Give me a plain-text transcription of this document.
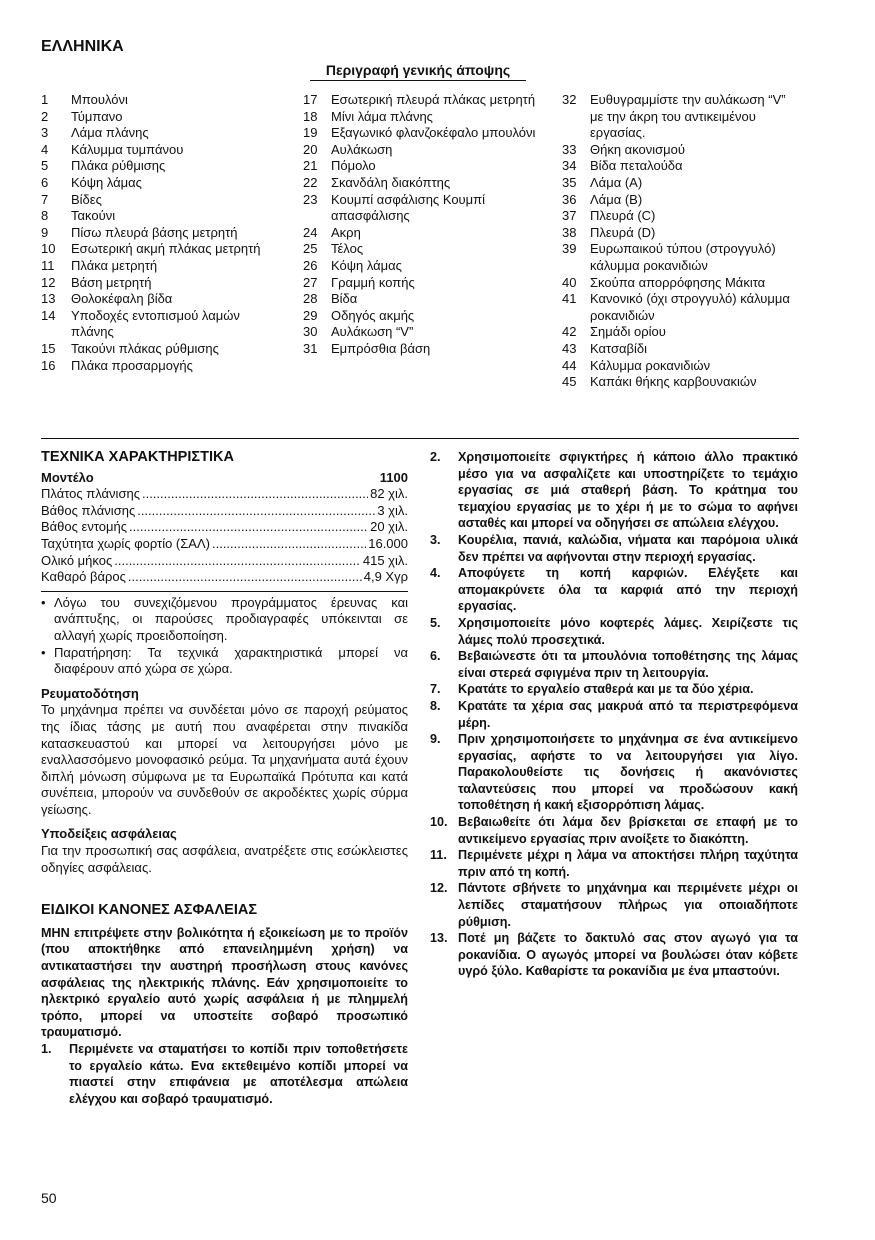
ΕΛΛΗΝΙΚΑ
Περιγραφή γενικής άποψης
1	Μπουλόνι
2	Τύμπανο
3	Λάμα πλάνης
4	Κάλυμμα τυμπάνου
5	Πλάκα ρύθμισης
6	Κόψη λάμας
7	Βίδες
8	Τακούνι
9	Πίσω πλευρά βάσης μετρητή
10	Εσωτερική ακμή πλάκας μετρητή
11	Πλάκα μετρητή
12	Βάση μετρητή
13	Θολοκέφαλη βίδα
14	Υποδοχές εντοπισμού λαμών πλάνης
15	Τακούνι πλάκας ρύθμισης
16	Πλάκα προσαρμογής
17	Εσωτερική πλευρά πλάκας μετρητή
18	Μίνι λάμα πλάνης
19	Εξαγωνικό φλανζοκέφαλο μπουλόνι
20	Αυλάκωση
21	Πόμολο
22	Σκανδάλη διακόπτης
23	Κουμπί ασφάλισης Κουμπί απασφάλισης
24	Ακρη
25	Τέλος
26	Κόψη λάμας
27	Γραμμή κοπής
28	Βίδα
29	Οδηγός ακμής
30	Αυλάκωση “V”
31	Εμπρόσθια βάση
32	Ευθυγραμμίστε την αυλάκωση “V” με την άκρη του αντικειμένου εργασίας.
33	Θήκη ακονισμού
34	Βίδα πεταλούδα
35	Λάμα (A)
36	Λάμα (B)
37	Πλευρά (C)
38	Πλευρά (D)
39	Ευρωπαικού τύπου (στρογγυλό) κάλυμμα ροκανιδιών
40	Σκούπα απορρόφησης Μάκιτα
41	Κανονικό (όχι στρογγυλό) κάλυμμα ροκανιδιών
42	Σημάδι ορίου
43	Κατσαβίδι
44	Κάλυμμα ροκανιδιών
45	Καπάκι θήκης καρβουνακιών
ΤΕΧΝΙΚΑ ΧΑΡΑΚΤΗΡΙΣΤΙΚΑ
Μοντέλο	1100
Πλάτος πλάνισης .....	82 χιλ.
Βάθος πλάνισης .....	3 χιλ.
Βάθος εντομής .....	20 χιλ.
Ταχύτητα χωρίς φορτίο (ΣΑΛ) .....	16.000
Ολικό μήκος .....	415 χιλ.
Καθαρό βάρος .....	4,9 Χγρ
• Λόγω του συνεχιζόμενου προγράμματος έρευνας και ανάπτυξης, οι παρούσες προδιαγραφές υπόκεινται σε αλλαγή χωρίς προειδοποίηση.
• Παρατήρηση: Τα τεχνικά χαρακτηριστικά μπορεί να διαφέρουν από χώρα σε χώρα.
Ρευματοδότηση
Το μηχάνημα πρέπει να συνδέεται μόνο σε παροχή ρεύματος της ίδιας τάσης με αυτή που αναφέρεται στην πινακίδα κατασκευαστού και μπορεί να λειτουργήσει μόνο με εναλλασσόμενο μονοφασικό ρεύμα. Τα μηχανήματα αυτά έχουν διπλή μόνωση σύμφωνα με τα Ευρωπαϊκά Πρότυπα και κατά συνέπεια, μπορούν να συνδεθούν σε ακροδέκτες χωρίς σύρμα γείωσης.
Υποδείξεις ασφάλειας
Για την προσωπική σας ασφάλεια, ανατρέξετε στις εσώκλειστες οδηγίες ασφάλειας.
ΕΙΔΙΚΟΙ ΚΑΝΟΝΕΣ ΑΣΦΑΛΕΙΑΣ
ΜΗΝ επιτρέψετε στην βολικότητα ή εξοικείωση με το προϊόν (που αποκτήθηκε από επανειλημμένη χρήση) να αντικαταστήσει την αυστηρή προσήλωση στους κανόνες ασφάλειας της ηλεκτρικής πλάνης. Εάν χρησιμοποιείτε το ηλεκτρικό εργαλείο αυτό χωρίς ασφάλεια ή με πλημμελή τρόπο, μπορεί να υποστείτε σοβαρό προσωπικό τραυματισμό.
1.	Περιμένετε να σταματήσει το κοπίδι πριν τοποθετήσετε το εργαλείο κάτω. Ενα εκτεθειμένο κοπίδι μπορεί να πιαστεί στην επιφάνεια με αποτέλεσμα απώλεια ελέγχου και σοβαρό τραυματισμό.
2.	Χρησιμοποιείτε σφιγκτήρες ή κάποιο άλλο πρακτικό μέσο για να ασφαλίζετε και υποστηρίζετε το τεμάχιο εργασίας σε μιά σταθερή βάση. Το κράτημα του τεμαχίου εργασίας με το χέρι ή με το σώμα το αφήνει ασταθές και μπορεί να οδηγήσει σε απώλεια ελέγχου.
3.	Κουρέλια, πανιά, καλώδια, νήματα και παρόμοια υλικά δεν πρέπει να αφήνονται στην περιοχή εργασίας.
4.	Αποφύγετε τη κοπή καρφιών. Ελέγξετε και απομακρύνετε όλα τα καρφιά από την περιοχή εργασίας.
5.	Χρησιμοποιείτε μόνο κοφτερές λάμες. Χειρίζεστε τις λάμες πολύ προσεχτικά.
6.	Βεβαιώνεστε ότι τα μπουλόνια τοποθέτησης της λάμας είναι στερεά σφιγμένα πριν τη λειτουργία.
7.	Κρατάτε το εργαλείο σταθερά και με τα δύο χέρια.
8.	Κρατάτε τα χέρια σας μακρυά από τα περιστρεφόμενα μέρη.
9.	Πριν χρησιμοποιήσετε το μηχάνημα σε ένα αντικείμενο εργασίας, αφήστε το να λειτουργήσει για λίγο. Παρακολουθείστε τις δονήσεις ή ακανόνιστες ταλαντεύσεις που μπορεί να προδώσουν κακή τοποθέτηση ή κακή εξισορρόπιση λάμας.
10. Βεβαιωθείτε ότι λάμα δεν βρίσκεται σε επαφή με το αντικείμενο εργασίας πριν ανοίξετε το διακόπτη.
11. Περιμένετε μέχρι η λάμα να αποκτήσει πλήρη ταχύτητα πριν από τη κοπή.
12. Πάντοτε σβήνετε το μηχάνημα και περιμένετε μέχρι οι λεπίδες σταματήσουν πλήρως για οποιαδήποτε ρύθμιση.
13. Ποτέ μη βάζετε το δακτυλό σας στον αγωγό για τα ροκανίδια. Ο αγωγός μπορεί να βουλώσει όταν κόβετε υγρό ξύλο. Καθαρίστε τα ροκανίδια με ένα μπαστούνι.
50
